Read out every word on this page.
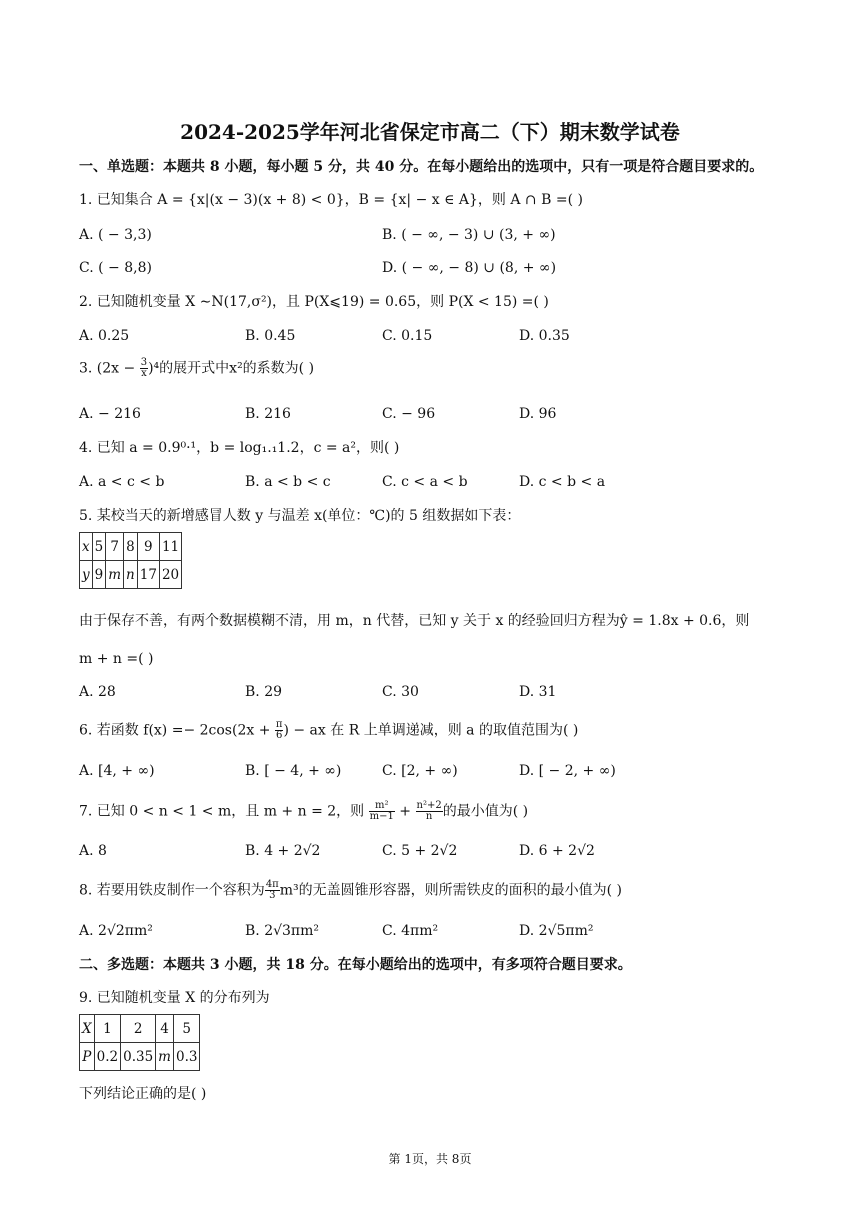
2024-2025学年河北省保定市高二（下）期末数学试卷
一、单选题：本题共 8 小题，每小题 5 分，共 40 分。在每小题给出的选项中，只有一项是符合题目要求的。
1. 已知集合 A = {x|(x − 3)(x + 8) < 0}，B = {x| − x ∈ A}，则 A ∩ B =( )
A. ( − 3,3)	B. ( − ∞, − 3) ∪ (3, + ∞)
C. ( − 8,8)	D. ( − ∞, − 8) ∪ (8, + ∞)
2. 已知随机变量 X ∼N(17,σ²)，且 P(X⩽19) = 0.65，则 P(X < 15) =( )
A. 0.25	B. 0.45	C. 0.15	D. 0.35
3. $(2x - \frac{3}{x} )^4$的展开式中x²的系数为( )
A. − 216	B. 216	C. − 96	D. 96
4. 已知 a = 0.9⁰·¹，b = log₁.₁1.2，c = a²，则( )
A. a < c < b	B. a < b < c	C. c < a < b	D. c < b < a
5. 某校当天的新增感冒人数 y 与温差 x(单位：℃)的 5 组数据如下表：
x	5	7	8	9	11
y	9	m	n	17	20
由于保存不善，有两个数据模糊不清，用 m，n 代替，已知 y 关于 x 的经验回归方程为ŷ = 1.8x + 0.6，则
m + n =( )
A. 28	B. 29	C. 30	D. 31
6. 若函数 $f(x) =- 2\cos(2x + \frac{\pi}{6}$ ) − ax 在 R 上单调递减，则 a 的取值范围为( )
A. [4, + ∞)	B. [ − 4, + ∞)	C. [2, + ∞)	D. [ − 2, + ∞)
7. 已知 0 < n < 1 < m，且 m + n = 2，则 $\frac{\text{m²}}{m-1} + \frac{\text{n²+2}}{n}$ 的最小值为( )
A. 8	B. 4 + 2√2	C. 5 + 2√2	D. 6 + 2√2
8. 若要用铁皮制作一个容积为 $\frac{4\pi}{3} m^3$的无盖圆锥形容器，则所需铁皮的面积的最小值为( )
A. 2√2πm²	B. 2√3πm²	C. 4πm²	D. 2√5πm²
二、多选题：本题共 3 小题，共 18 分。在每小题给出的选项中，有多项符合题目要求。
9. 已知随机变量 X 的分布列为
X	1	2	4	5
P	0.2	0.35	m	0.3
下列结论正确的是( )
第 1页，共 8页
